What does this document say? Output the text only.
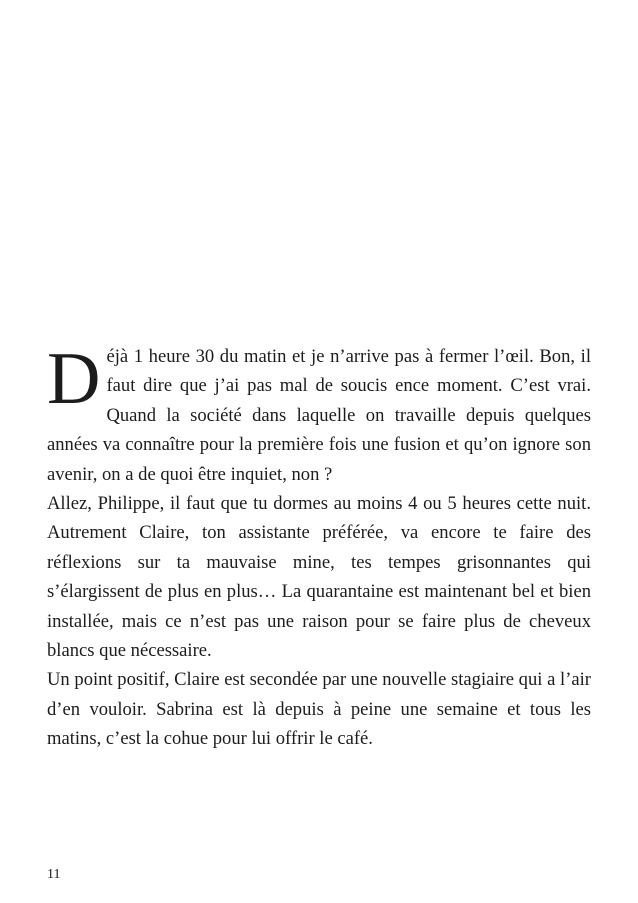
Déjà 1 heure 30 du matin et je n’arrive pas à fermer l’œil. Bon, il faut dire que j’ai pas mal de soucis ence moment. C’est vrai. Quand la société dans laquelle on travaille depuis quelques années va connaître pour la première fois une fusion et qu’on ignore son avenir, on a de quoi être inquiet, non ?

Allez, Philippe, il faut que tu dormes au moins 4 ou 5 heures cette nuit. Autrement Claire, ton assistante préférée, va encore te faire des réflexions sur ta mauvaise mine, tes tempes grisonnantes qui s’élargissent de plus en plus… La quarantaine est maintenant bel et bien installée, mais ce n’est pas une raison pour se faire plus de cheveux blancs que nécessaire.

Un point positif, Claire est secondée par une nouvelle stagiaire qui a l’air d’en vouloir. Sabrina est là depuis à peine une semaine et tous les matins, c’est la cohue pour lui offrir le café.

11
